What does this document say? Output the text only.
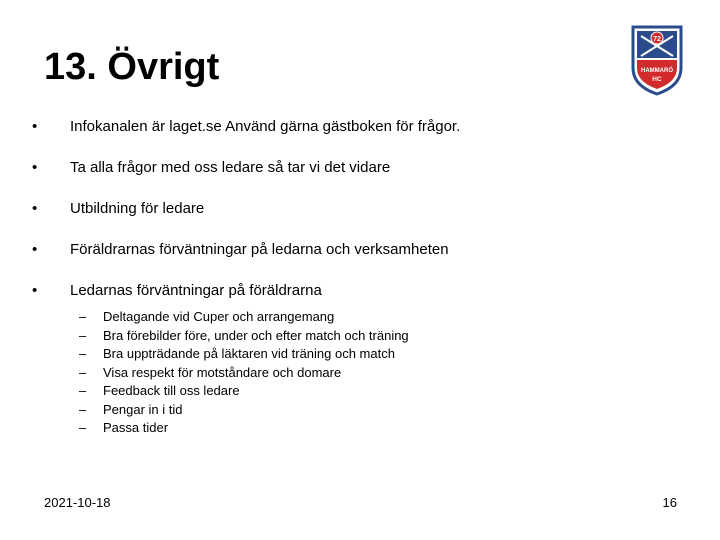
13. Övrigt
72
HAMMARÖ
HC
•	Infokanalen är laget.se Använd gärna gästboken för frågor.
•	Ta alla frågor med oss ledare så tar vi det vidare
•	Utbildning för ledare
•	Föräldrarnas förväntningar på ledarna och verksamheten
•	Ledarnas förväntningar på föräldrarna
– Deltagande vid Cuper och arrangemang
– Bra förebilder före, under och efter match och träning
– Bra uppträdande på läktaren vid träning och match
– Visa respekt för motståndare och domare
– Feedback till oss ledare
– Pengar in i tid
– Passa tider
2021-10-18	16
